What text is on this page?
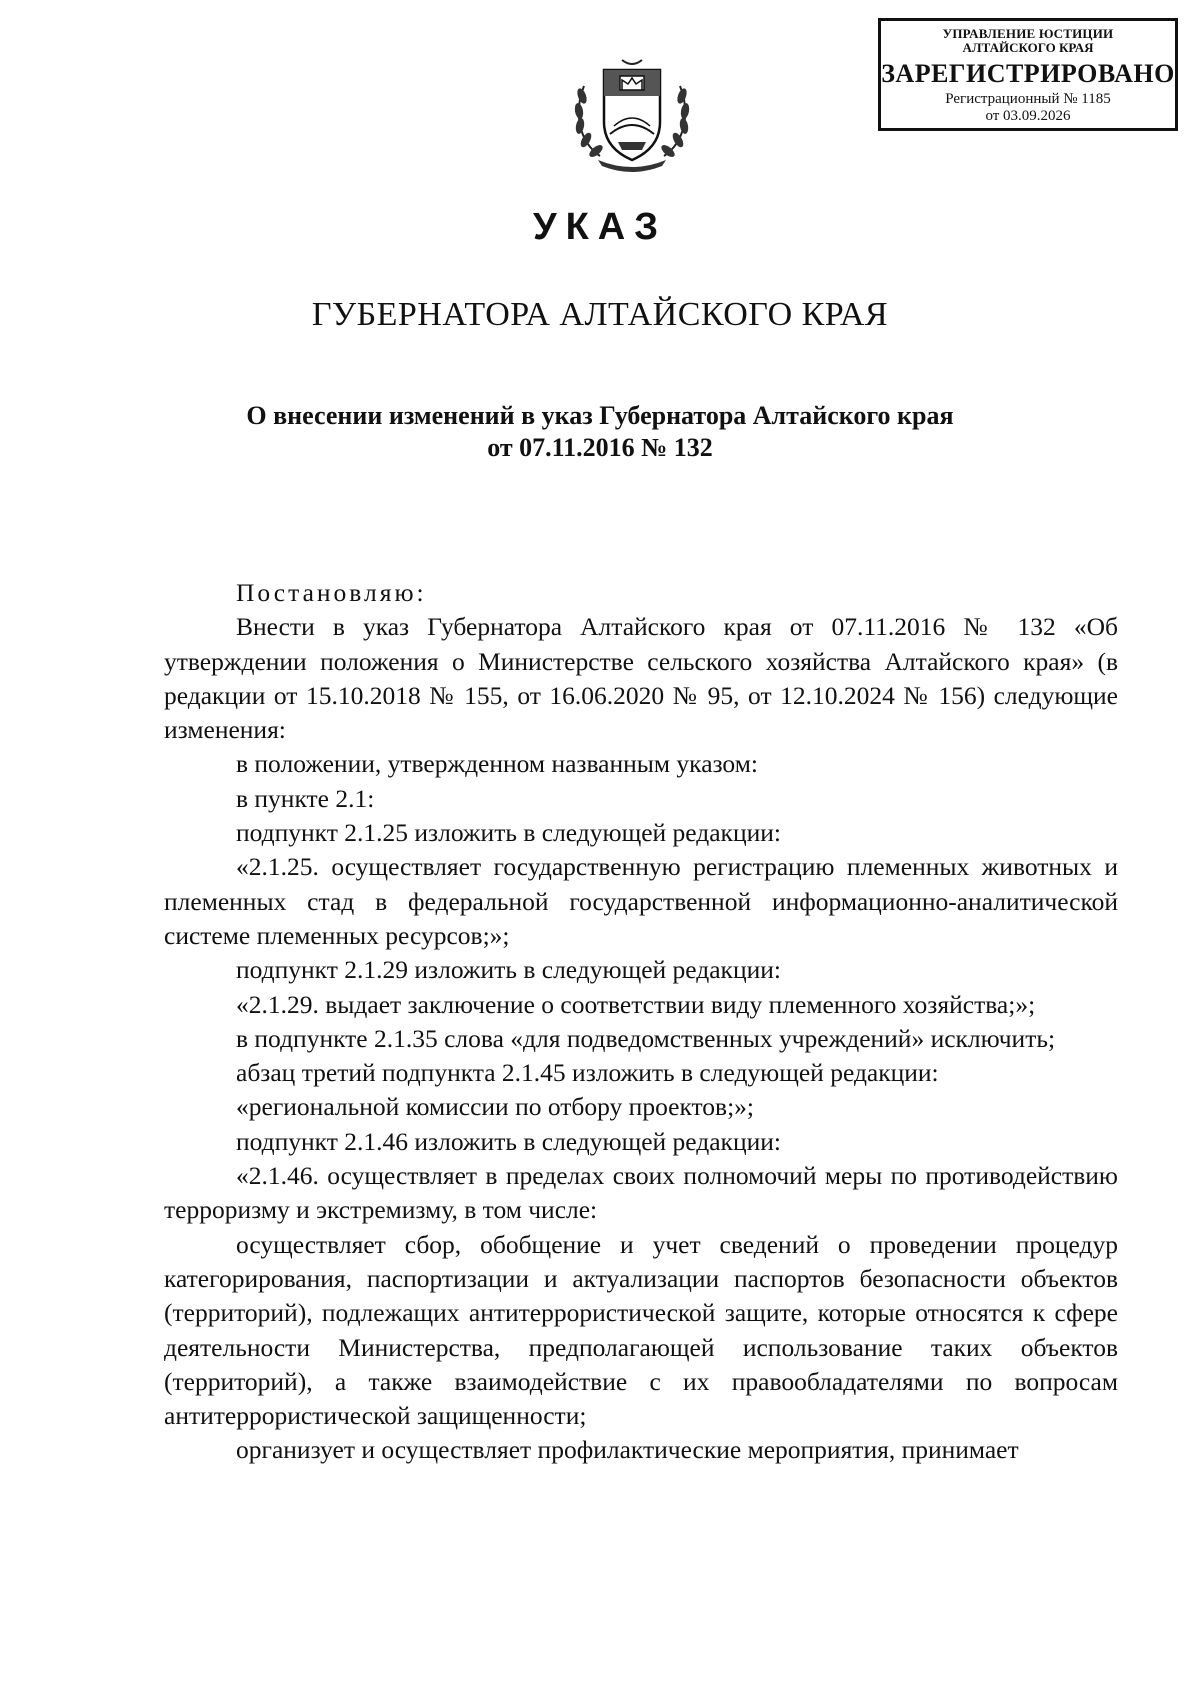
УПРАВЛЕНИЕ ЮСТИЦИИ
АЛТАЙСКОГО КРАЯ
ЗАРЕГИСТРИРОВАНО
Регистрационный № 1185
от 03.09.2026
УКАЗ
ГУБЕРНАТОРА АЛТАЙСКОГО КРАЯ
О внесении изменений в указ Губернатора Алтайского края
от 07.11.2016 № 132

Постановляю:

Внести в указ Губернатора Алтайского края от 07.11.2016 № 132 «Об утверждении положения о Министерстве сельского хозяйства Алтайского края» (в редакции от 15.10.2018 № 155, от 16.06.2020 № 95, от 12.10.2024 № 156) следующие изменения:

в положении, утвержденном названным указом:

в пункте 2.1:

подпункт 2.1.25 изложить в следующей редакции:

«2.1.25. осуществляет государственную регистрацию племенных животных и племенных стад в федеральной государственной информационно-аналитической системе племенных ресурсов;»;

подпункт 2.1.29 изложить в следующей редакции:

«2.1.29. выдает заключение о соответствии виду племенного хозяйства;»;

в подпункте 2.1.35 слова «для подведомственных учреждений» исключить;

абзац третий подпункта 2.1.45 изложить в следующей редакции:

«региональной комиссии по отбору проектов;»;

подпункт 2.1.46 изложить в следующей редакции:

«2.1.46. осуществляет в пределах своих полномочий меры по противодействию терроризму и экстремизму, в том числе:

осуществляет сбор, обобщение и учет сведений о проведении процедур категорирования, паспортизации и актуализации паспортов безопасности объектов (территорий), подлежащих антитеррористической защите, которые относятся к сфере деятельности Министерства, предполагающей использование таких объектов (территорий), а также взаимодействие с их правообладателями по вопросам антитеррористической защищенности;

организует и осуществляет профилактические мероприятия, принимает
